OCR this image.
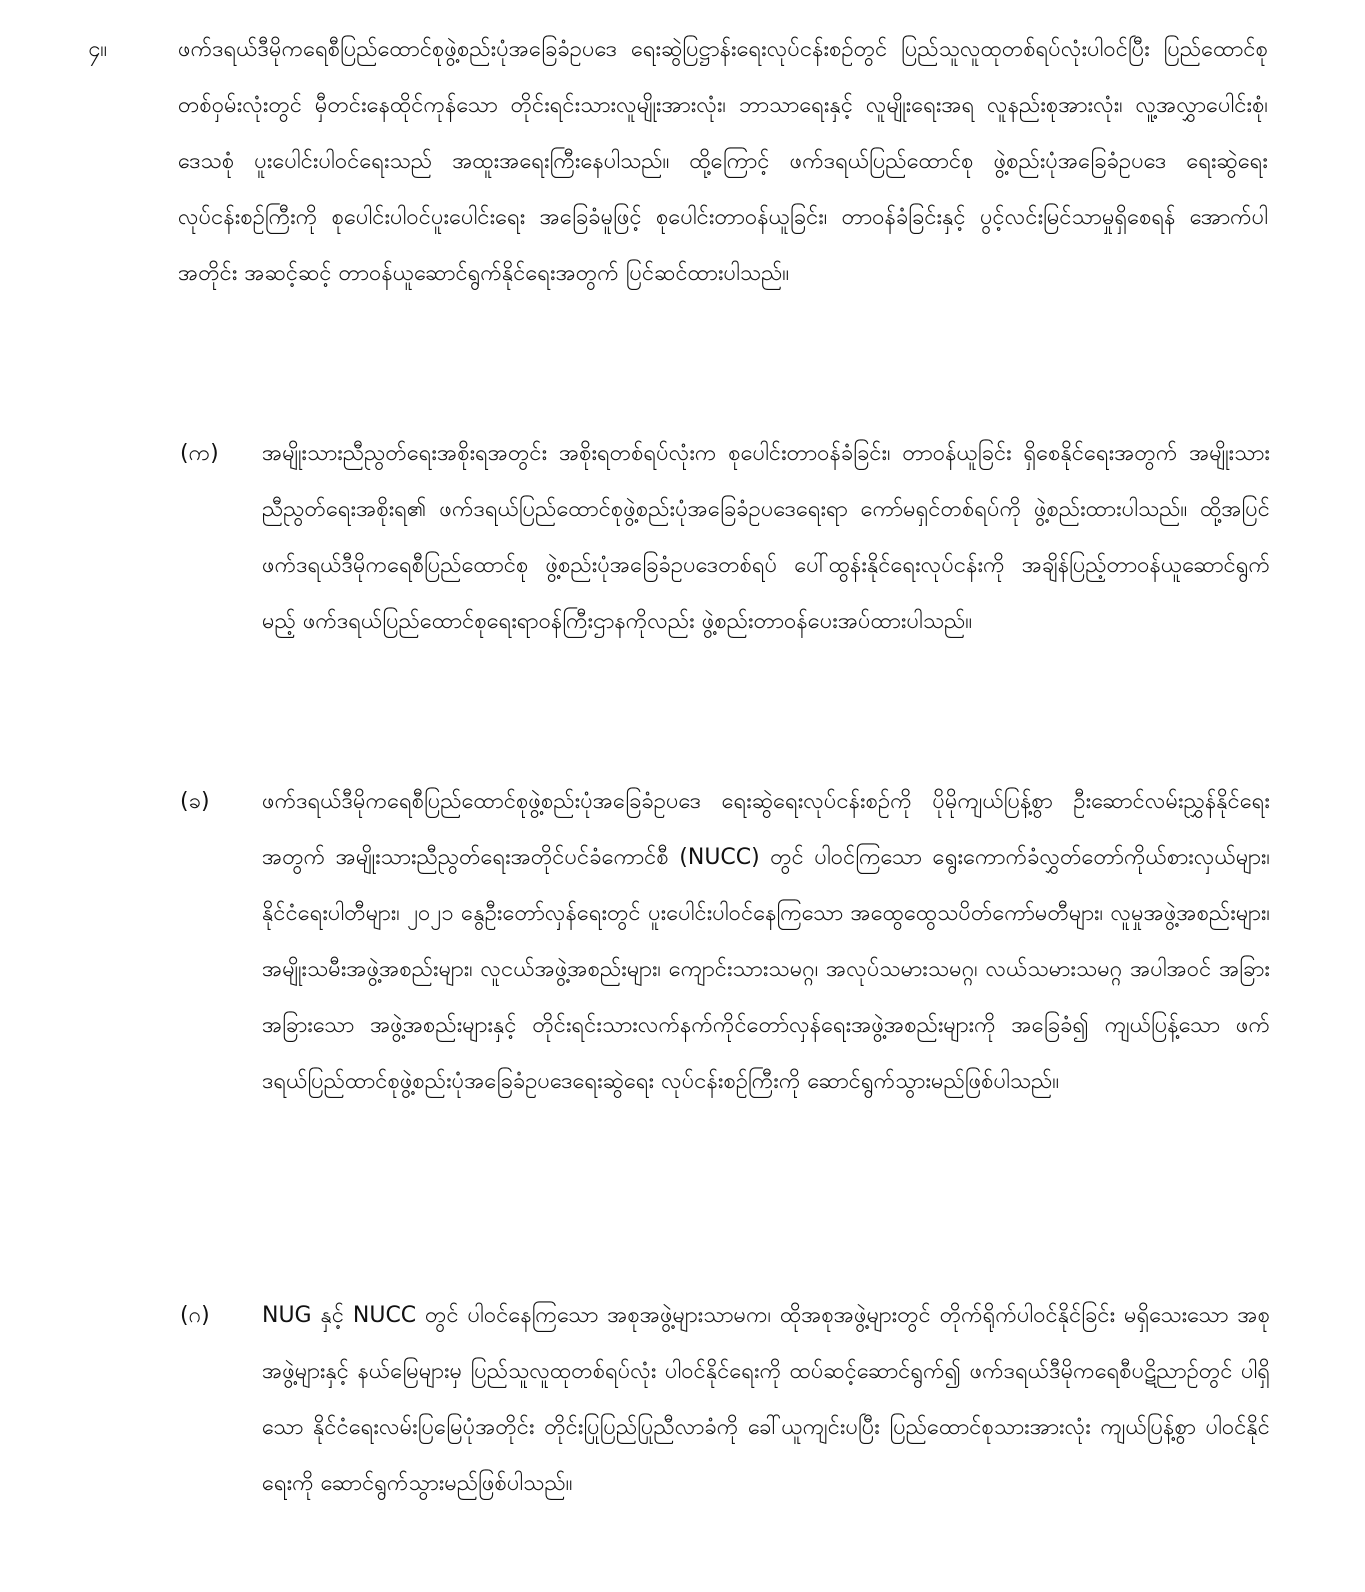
၄။	ဖက်ဒရယ်ဒီမိုကရေစီပြည်ထောင်စုဖွဲ့စည်းပုံအခြေခံဥပဒေ ရေးဆွဲပြဋ္ဌာန်းရေးလုပ်ငန်းစဉ်တွင် ပြည်သူလူထုတစ်ရပ်လုံးပါဝင်ပြီး ပြည်ထောင်စုတစ်ဝှမ်းလုံးတွင် မှီတင်းနေထိုင်ကုန်သော တိုင်းရင်းသားလူမျိုးအားလုံး၊ ဘာသာရေးနှင့် လူမျိုးရေးအရ လူနည်းစုအားလုံး၊ လူ့အလွှာပေါင်းစုံ၊ ဒေသစုံ ပူးပေါင်းပါဝင်ရေးသည် အထူးအရေးကြီးနေပါသည်။ ထို့ကြောင့် ဖက်ဒရယ်ပြည်ထောင်စု ဖွဲ့စည်းပုံအခြေခံဥပဒေ ရေးဆွဲရေးလုပ်ငန်းစဉ်ကြီးကို စုပေါင်းပါဝင်ပူးပေါင်းရေး အခြေခံမူဖြင့် စုပေါင်းတာဝန်ယူခြင်း၊ တာဝန်ခံခြင်းနှင့် ပွင့်လင်းမြင်သာမှုရှိစေရန် အောက်ပါအတိုင်း အဆင့်ဆင့် တာဝန်ယူဆောင်ရွက်နိုင်ရေးအတွက် ပြင်ဆင်ထားပါသည်။
(က)	အမျိုးသားညီညွတ်ရေးအစိုးရအတွင်း အစိုးရတစ်ရပ်လုံးက စုပေါင်းတာဝန်ခံခြင်း၊ တာဝန်ယူခြင်း ရှိစေနိုင်ရေးအတွက် အမျိုးသားညီညွတ်ရေးအစိုးရ၏ ဖက်ဒရယ်ပြည်ထောင်စုဖွဲ့စည်းပုံအခြေခံဥပဒေရေးရာ ကော်မရှင်တစ်ရပ်ကို ဖွဲ့စည်းထားပါသည်။ ထို့အပြင် ဖက်ဒရယ်ဒီမိုကရေစီပြည်ထောင်စု ဖွဲ့စည်းပုံအခြေခံဥပဒေတစ်ရပ် ပေါ်ထွန်းနိုင်ရေးလုပ်ငန်းကို အချိန်ပြည့်တာဝန်ယူဆောင်ရွက်မည့် ဖက်ဒရယ်ပြည်ထောင်စုရေးရာဝန်ကြီးဌာနကိုလည်း ဖွဲ့စည်းတာဝန်ပေးအပ်ထားပါသည်။
(ခ)	ဖက်ဒရယ်ဒီမိုကရေစီပြည်ထောင်စုဖွဲ့စည်းပုံအခြေခံဥပဒေ ရေးဆွဲရေးလုပ်ငန်းစဉ်ကို ပိုမိုကျယ်ပြန့်စွာ ဦးဆောင်လမ်းညွှန်နိုင်ရေးအတွက် အမျိုးသားညီညွတ်ရေးအတိုင်ပင်ခံကောင်စီ (NUCC) တွင် ပါဝင်ကြသော ရွေးကောက်ခံလွှတ်တော်ကိုယ်စားလှယ်များ၊ နိုင်ငံရေးပါတီများ၊ ၂၀၂၁ နွေဦးတော်လှန်ရေးတွင် ပူးပေါင်းပါဝင်နေကြသော အထွေထွေသပိတ်ကော်မတီများ၊ လူမှုအဖွဲ့အစည်းများ၊ အမျိုးသမီးအဖွဲ့အစည်းများ၊ လူငယ်အဖွဲ့အစည်းများ၊ ကျောင်းသားသမဂ္ဂ၊ အလုပ်သမားသမဂ္ဂ၊ လယ်သမားသမဂ္ဂ အပါအဝင် အခြားအခြားသော အဖွဲ့အစည်းများနှင့် တိုင်းရင်းသားလက်နက်ကိုင်တော်လှန်ရေးအဖွဲ့အစည်းများကို အခြေခံ၍ ကျယ်ပြန့်သော ဖက်ဒရယ်ပြည်ထာင်စုဖွဲ့စည်းပုံအခြေခံဥပဒေရေးဆွဲရေး လုပ်ငန်းစဉ်ကြီးကို ဆောင်ရွက်သွားမည်ဖြစ်ပါသည်။
(ဂ)	NUG နှင့် NUCC တွင် ပါဝင်နေကြသော အစုအဖွဲ့များသာမက၊ ထိုအစုအဖွဲ့များတွင် တိုက်ရိုက်ပါဝင်နိုင်ခြင်း မရှိသေးသော အစုအဖွဲ့များနှင့် နယ်မြေများမှ ပြည်သူလူထုတစ်ရပ်လုံး ပါဝင်နိုင်ရေးကို ထပ်ဆင့်ဆောင်ရွက်၍ ဖက်ဒရယ်ဒီမိုကရေစီပဋိညာဉ်တွင် ပါရှိသော နိုင်ငံရေးလမ်းပြမြေပုံအတိုင်း တိုင်းပြုပြည်ပြုညီလာခံကို ခေါ်ယူကျင်းပပြီး ပြည်ထောင်စုသားအားလုံး ကျယ်ပြန့်စွာ ပါဝင်နိုင်ရေးကို ဆောင်ရွက်သွားမည်ဖြစ်ပါသည်။
